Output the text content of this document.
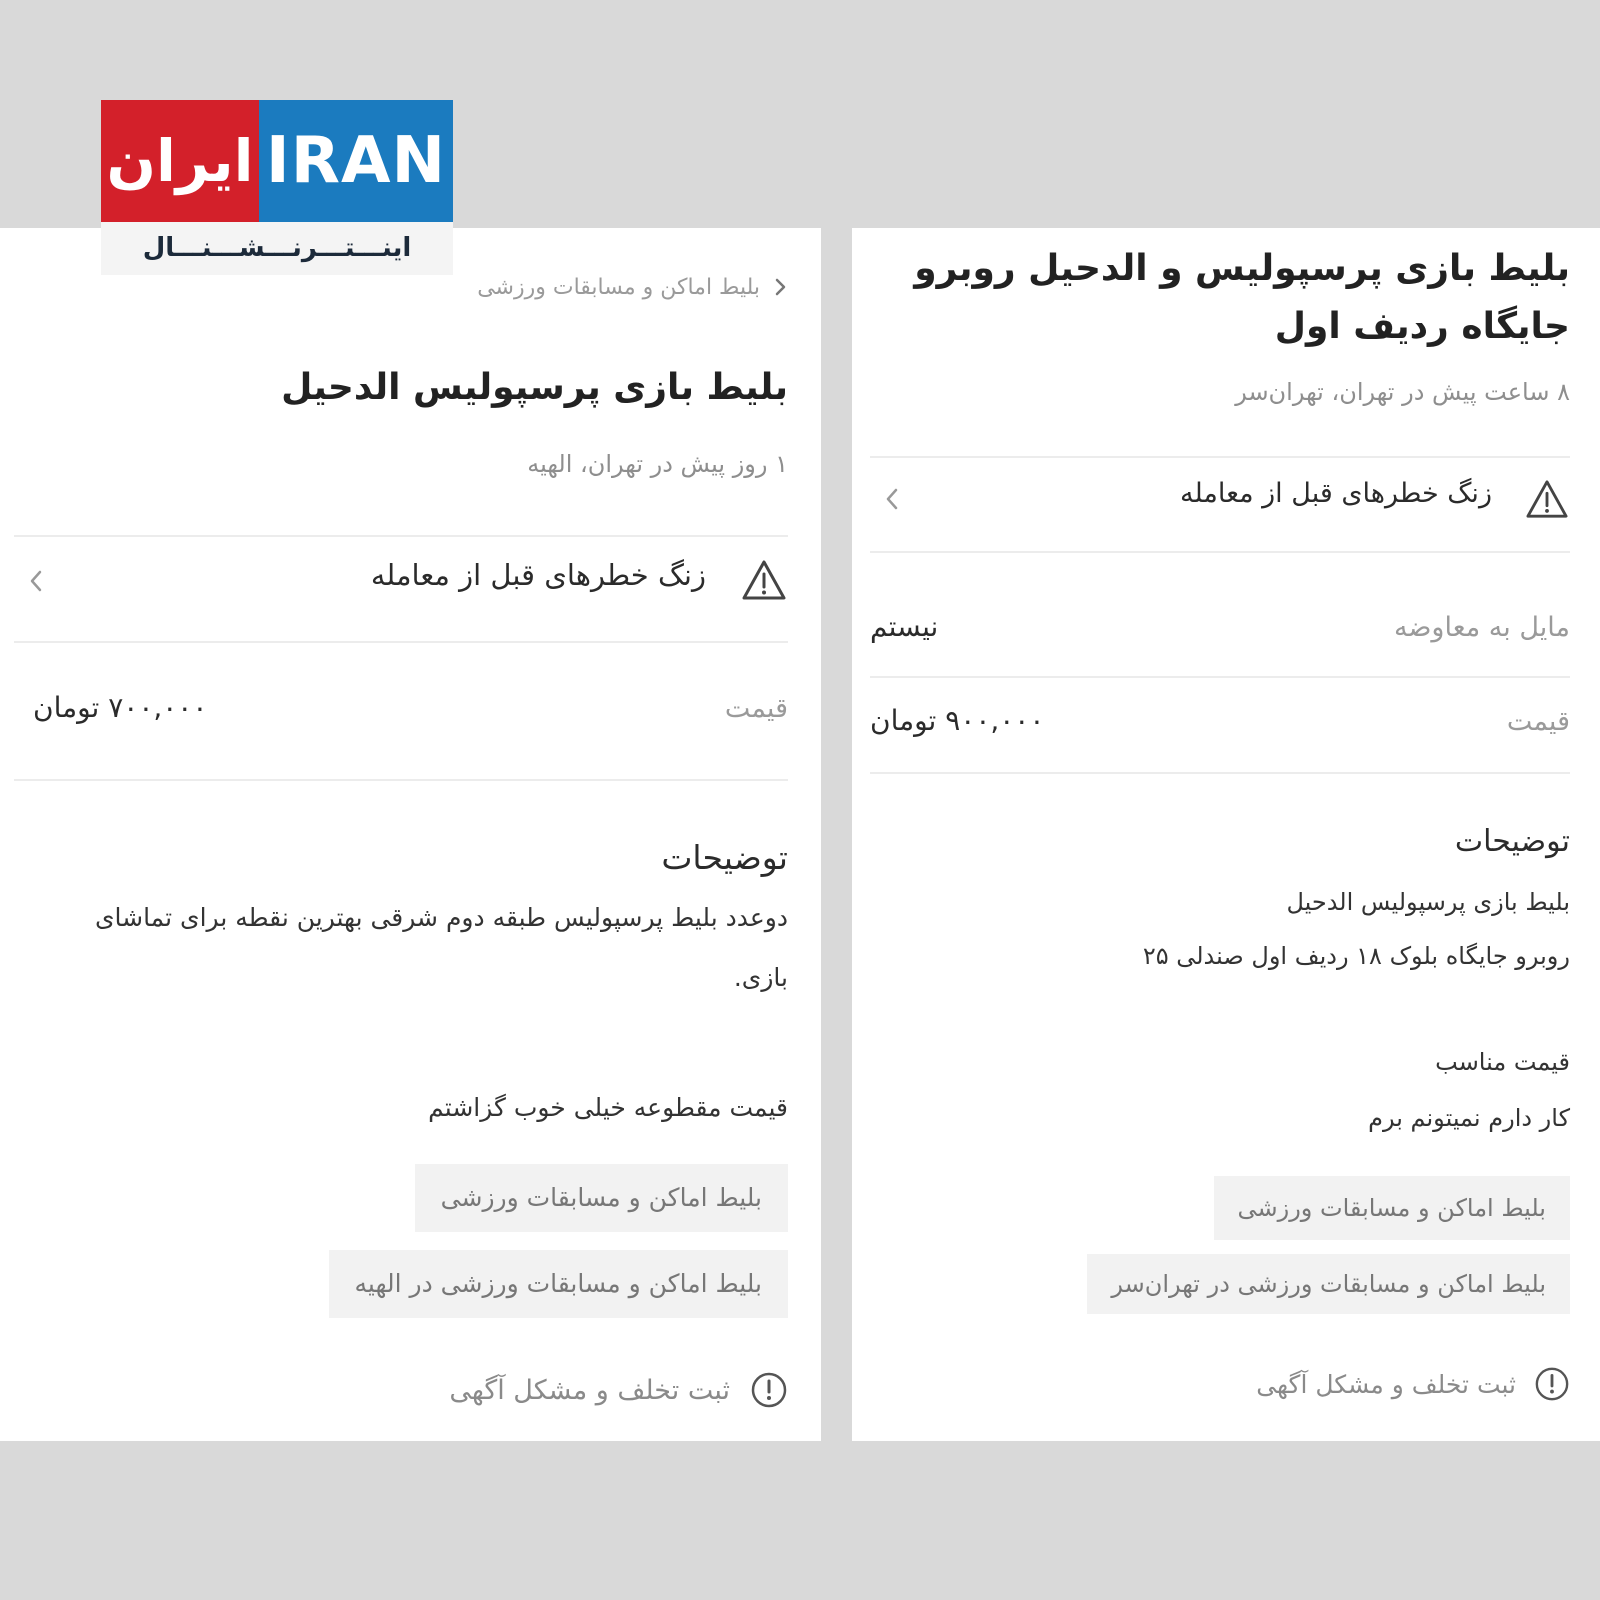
بلیط اماکن و مسابقات ورزشی
بلیط بازی پرسپولیس الدحیل
۱ روز پیش در تهران، الهیه
زنگ خطرهای قبل از معامله
قیمت
۷۰۰,۰۰۰ تومان
توضیحات
دوعدد بلیط پرسپولیس طبقه دوم شرقی بهترین نقطه برای تماشای بازی.
قیمت مقطوعه خیلی خوب گزاشتم
بلیط اماکن و مسابقات ورزشی
بلیط اماکن و مسابقات ورزشی در الهیه
ثبت تخلف و مشکل آگهی
بلیط بازی پرسپولیس و الدحیل روبرو جایگاه ردیف اول
۸ ساعت پیش در تهران، تهران‌سر
زنگ خطرهای قبل از معامله
مایل به معاوضه
نیستم
قیمت
۹۰۰,۰۰۰ تومان
توضیحات
بلیط بازی پرسپولیس الدحیل
روبرو جایگاه بلوک ۱۸ ردیف اول صندلی ۲۵
قیمت مناسب
کار دارم نمیتونم برم
بلیط اماکن و مسابقات ورزشی
بلیط اماکن و مسابقات ورزشی در تهران‌سر
ثبت تخلف و مشکل آگهی
ایران IRAN
اینـــتـــرنـــشـــنـــال
